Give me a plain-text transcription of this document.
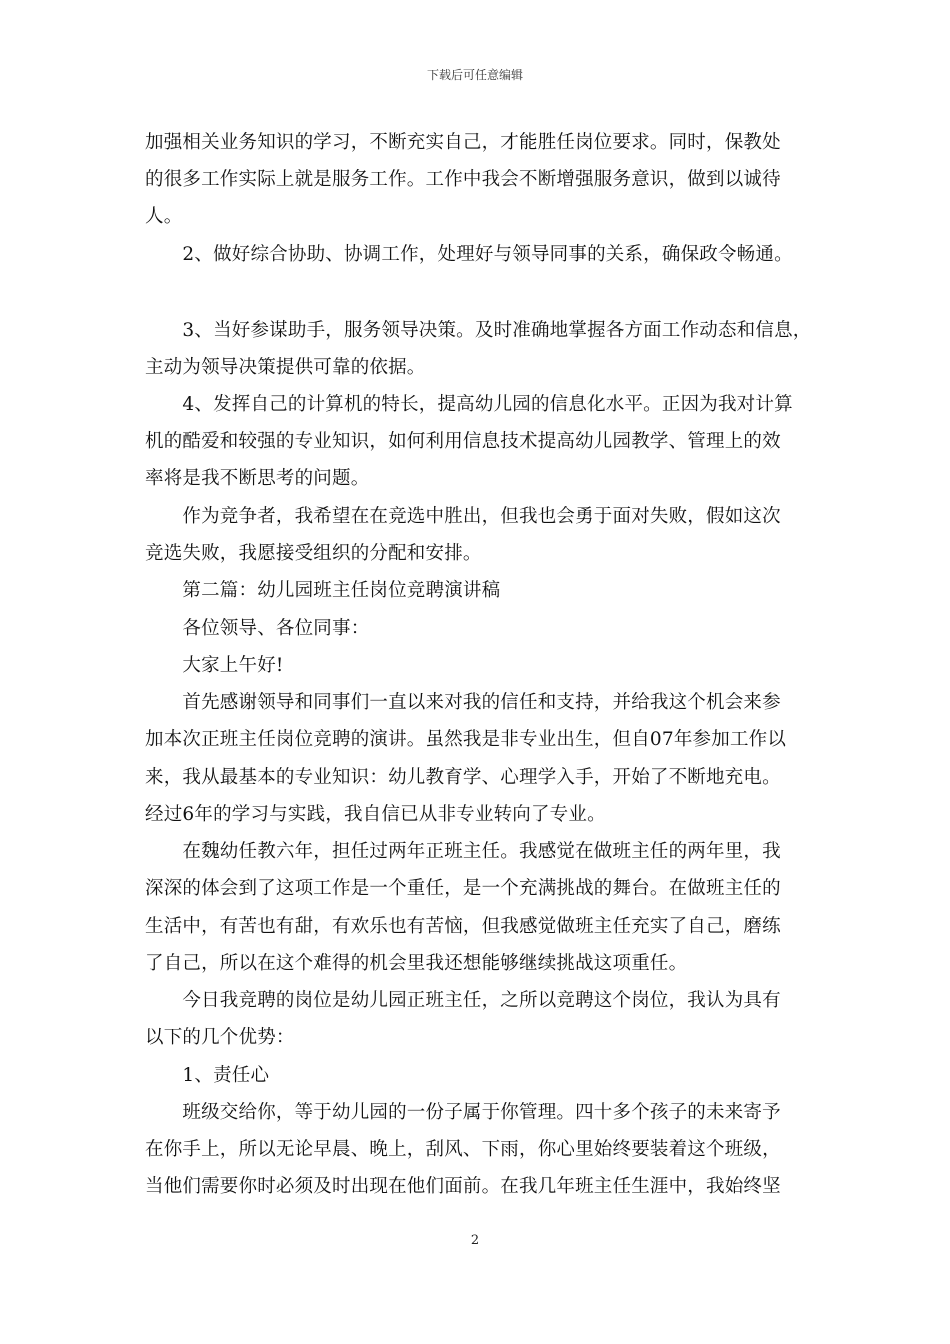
下载后可任意编辑
加强相关业务知识的学习，不断充实自己，才能胜任岗位要求。同时，保教处
的很多工作实际上就是服务工作。工作中我会不断增强服务意识，做到以诚待
人。
　　2、做好综合协助、协调工作，处理好与领导同事的关系，确保政令畅通。
　　3、当好参谋助手，服务领导决策。及时准确地掌握各方面工作动态和信息，
主动为领导决策提供可靠的依据。
　　4、发挥自己的计算机的特长，提高幼儿园的信息化水平。正因为我对计算
机的酷爱和较强的专业知识，如何利用信息技术提高幼儿园教学、管理上的效
率将是我不断思考的问题。
　　作为竞争者，我希望在在竞选中胜出，但我也会勇于面对失败，假如这次
竞选失败，我愿接受组织的分配和安排。
　　第二篇：幼儿园班主任岗位竞聘演讲稿
　　各位领导、各位同事：
　　大家上午好!
　　首先感谢领导和同事们一直以来对我的信任和支持，并给我这个机会来参
加本次正班主任岗位竞聘的演讲。虽然我是非专业出生，但自07年参加工作以
来，我从最基本的专业知识：幼儿教育学、心理学入手，开始了不断地充电。
经过6年的学习与实践，我自信已从非专业转向了专业。
　　在魏幼任教六年，担任过两年正班主任。我感觉在做班主任的两年里，我
深深的体会到了这项工作是一个重任，是一个充满挑战的舞台。在做班主任的
生活中，有苦也有甜，有欢乐也有苦恼，但我感觉做班主任充实了自己，磨练
了自己，所以在这个难得的机会里我还想能够继续挑战这项重任。
　　今日我竞聘的岗位是幼儿园正班主任，之所以竞聘这个岗位，我认为具有
以下的几个优势：
　　1、责任心
　　班级交给你，等于幼儿园的一份子属于你管理。四十多个孩子的未来寄予
在你手上，所以无论早晨、晚上，刮风、下雨，你心里始终要装着这个班级，
当他们需要你时必须及时出现在他们面前。在我几年班主任生涯中，我始终坚
2
